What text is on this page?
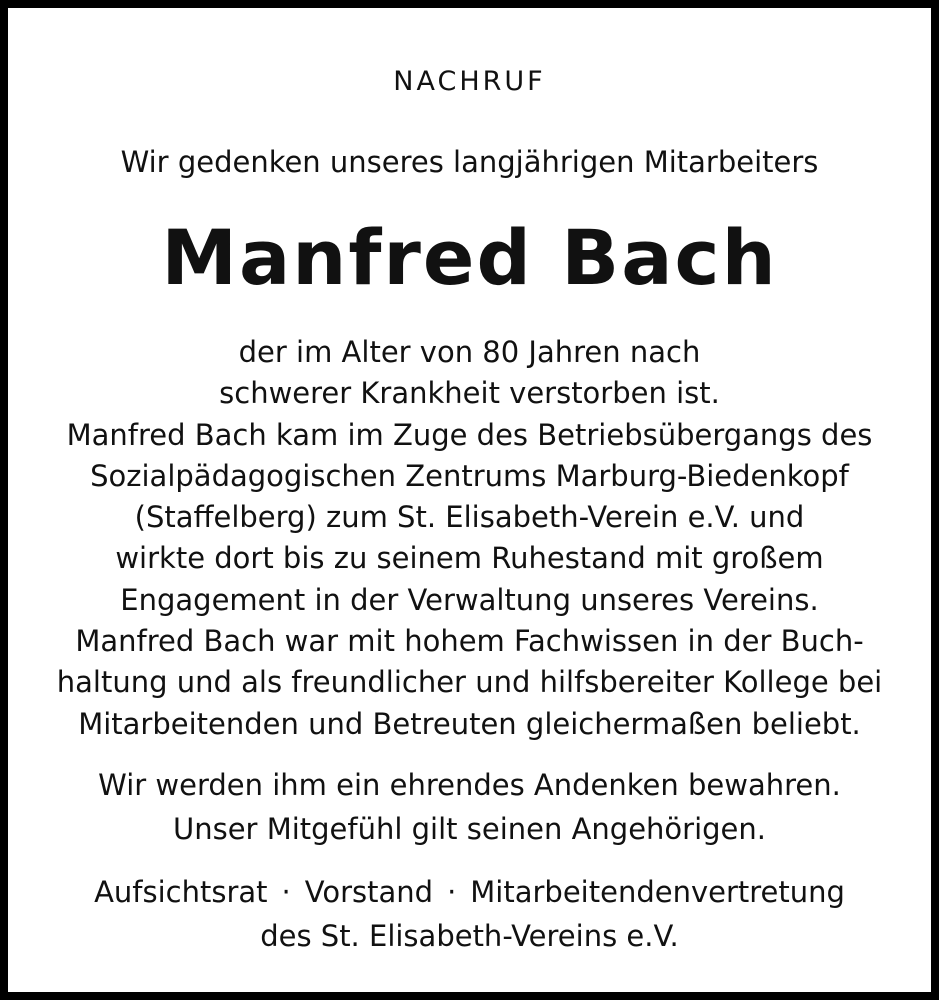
NACHRUF
Wir gedenken unseres langjährigen Mitarbeiters
Manfred Bach
der im Alter von 80 Jahren nach
schwerer Krankheit verstorben ist.
Manfred Bach kam im Zuge des Betriebsübergangs des
Sozialpädagogischen Zentrums Marburg-Biedenkopf
(Staffelberg) zum St. Elisabeth-Verein e.V. und
wirkte dort bis zu seinem Ruhestand mit großem
Engagement in der Verwaltung unseres Vereins.
Manfred Bach war mit hohem Fachwissen in der Buch-
haltung und als freundlicher und hilfsbereiter Kollege bei
Mitarbeitenden und Betreuten gleichermaßen beliebt.
Wir werden ihm ein ehrendes Andenken bewahren.
Unser Mitgefühl gilt seinen Angehörigen.
Aufsichtsrat · Vorstand · Mitarbeitendenvertretung
des St. Elisabeth-Vereins e.V.
